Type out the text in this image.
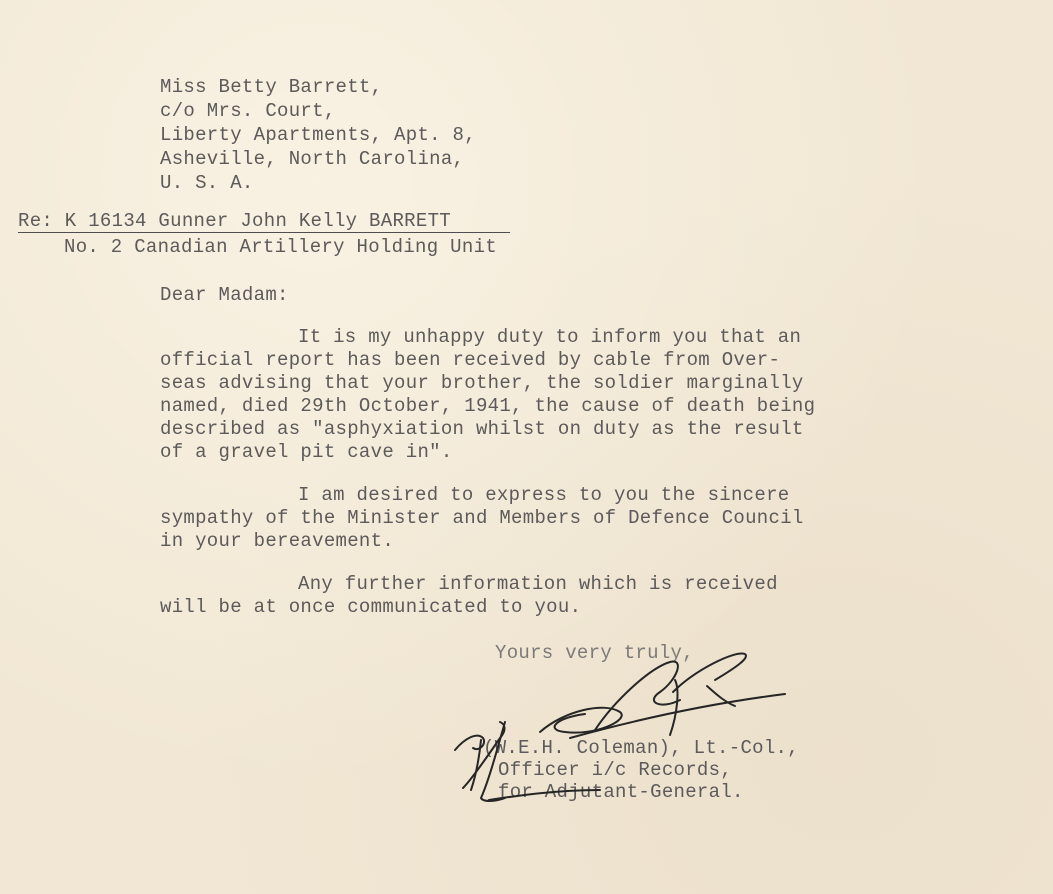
Miss Betty Barrett,
c/o Mrs. Court,
Liberty Apartments, Apt. 8,
Asheville, North Carolina,
U. S. A.
Re: K 16134 Gunner John Kelly BARRETT
No. 2 Canadian Artillery Holding Unit
Dear Madam:
It is my unhappy duty to inform you that an
official report has been received by cable from Over-
seas advising that your brother, the soldier marginally
named, died 29th October, 1941, the cause of death being
described as "asphyxiation whilst on duty as the result
of a gravel pit cave in".
I am desired to express to you the sincere
sympathy of the Minister and Members of Defence Council
in your bereavement.
Any further information which is received
will be at once communicated to you.
Yours very truly,
(W.E.H. Coleman), Lt.-Col.,
Officer i/c Records,
for Adjutant-General.
